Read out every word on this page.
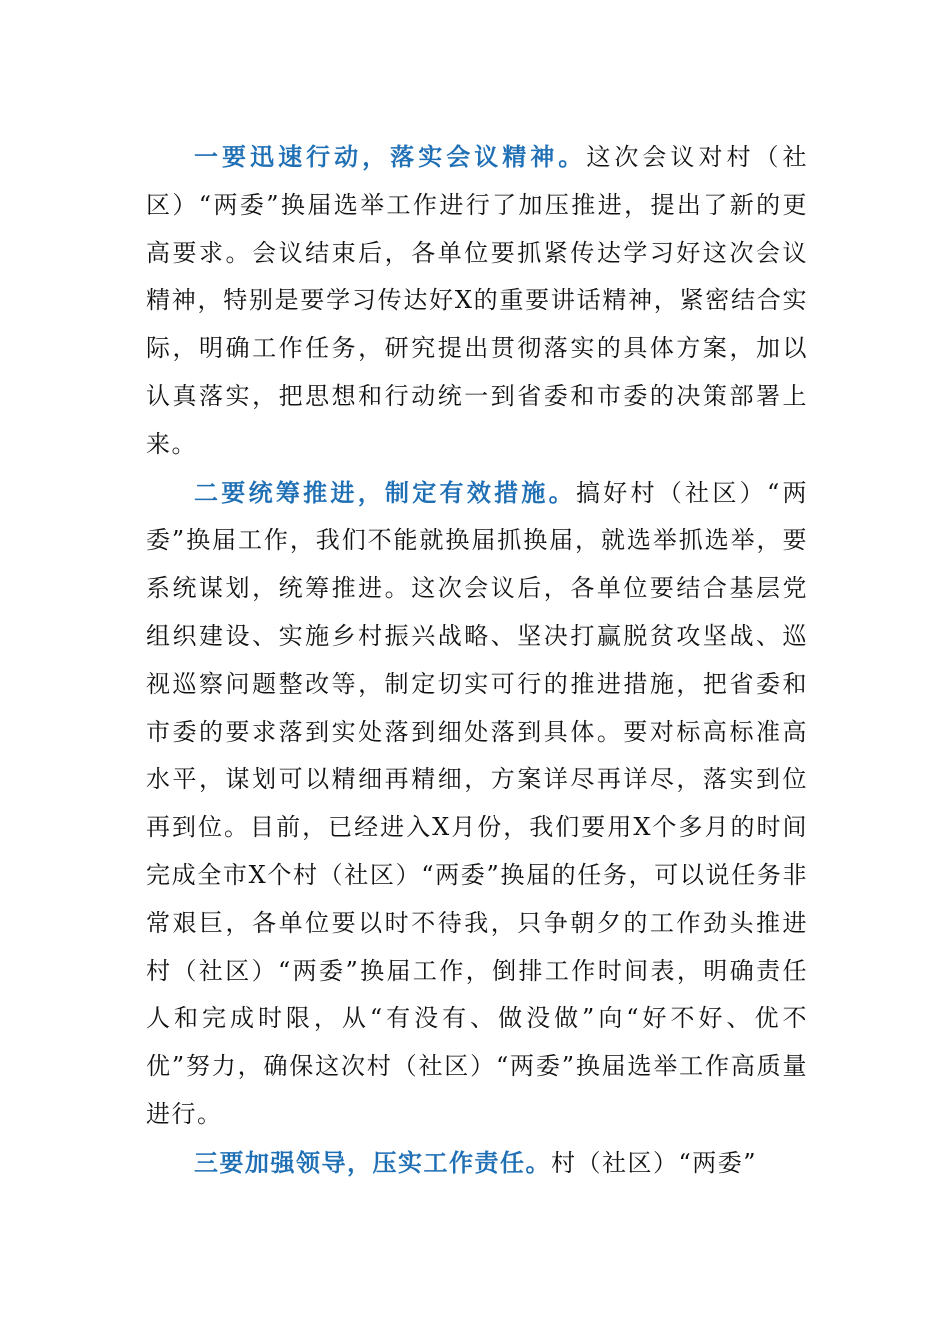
一要迅速行动，落实会议精神。这次会议对村（社区）“两委”换届选举工作进行了加压推进，提出了新的更高要求。会议结束后，各单位要抓紧传达学习好这次会议精神，特别是要学习传达好X的重要讲话精神，紧密结合实际，明确工作任务，研究提出贯彻落实的具体方案，加以认真落实，把思想和行动统一到省委和市委的决策部署上来。

二要统筹推进，制定有效措施。搞好村（社区）“两委”换届工作，我们不能就换届抓换届，就选举抓选举，要系统谋划，统筹推进。这次会议后，各单位要结合基层党组织建设、实施乡村振兴战略、坚决打赢脱贫攻坚战、巡视巡察问题整改等，制定切实可行的推进措施，把省委和市委的要求落到实处落到细处落到具体。要对标高标准高水平，谋划可以精细再精细，方案详尽再详尽，落实到位再到位。目前，已经进入X月份，我们要用X个多月的时间完成全市X个村（社区）“两委”换届的任务，可以说任务非常艰巨，各单位要以时不待我，只争朝夕的工作劲头推进村（社区）“两委”换届工作，倒排工作时间表，明确责任人和完成时限，从“有没有、做没做”向“好不好、优不优”努力，确保这次村（社区）“两委”换届选举工作高质量进行。

三要加强领导，压实工作责任。村（社区）“两委”
